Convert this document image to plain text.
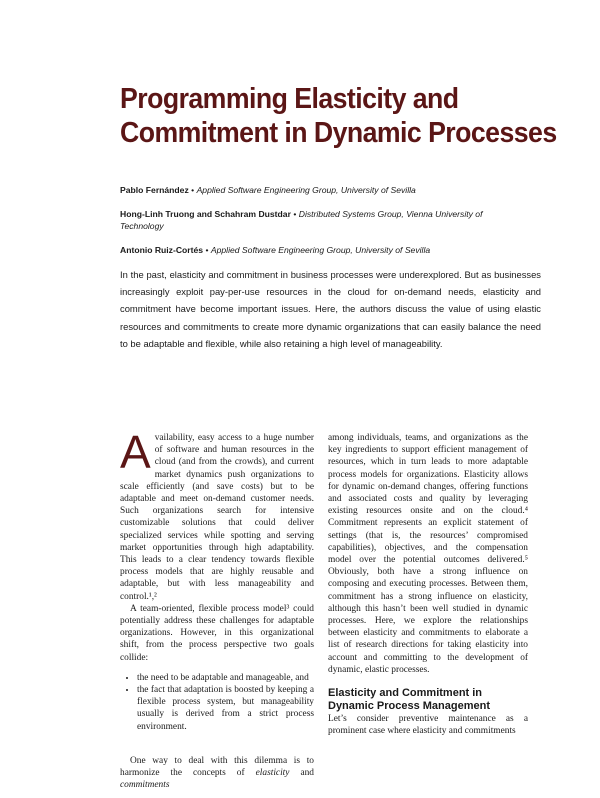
Programming Elasticity and
Commitment in Dynamic Processes
Pablo Fernández • Applied Software Engineering Group, University of Sevilla
Hong-Linh Truong and Schahram Dustdar • Distributed Systems Group, Vienna University of Technology
Antonio Ruiz-Cortés • Applied Software Engineering Group, University of Sevilla

In the past, elasticity and commitment in business processes were underexplored. But as businesses increasingly exploit pay-per-use resources in the cloud for on-demand needs, elasticity and commitment have become important issues. Here, the authors discuss the value of using elastic resources and commitments to create more dynamic organizations that can easily balance the need to be adaptable and flexible, while also retaining a high level of manageability.

Availability, easy access to a huge number of software and human resources in the cloud (and from the crowds), and current market dynamics push organizations to scale efficiently (and save costs) but to be adaptable and meet on-demand customer needs. Such organizations search for intensive customizable solutions that could deliver specialized services while spotting and serving market opportunities through high adaptability. This leads to a clear tendency towards flexible process models that are highly reusable and adaptable, but with less manageability and control.¹,²

A team-oriented, flexible process model³ could potentially address these challenges for adaptable organizations. However, in this organizational shift, from the process perspective two goals collide:

• the need to be adaptable and manageable, and
• the fact that adaptation is boosted by keeping a flexible process system, but manageability usually is derived from a strict process environment.

One way to deal with this dilemma is to harmonize the concepts of elasticity and commitments

among individuals, teams, and organizations as the key ingredients to support efficient management of resources, which in turn leads to more adaptable process models for organizations. Elasticity allows for dynamic on-demand changes, offering functions and associated costs and quality by leveraging existing resources onsite and on the cloud.⁴ Commitment represents an explicit statement of settings (that is, the resources’ compromised capabilities), objectives, and the compensation model over the potential outcomes delivered.⁵ Obviously, both have a strong influence on composing and executing processes. Between them, commitment has a strong influence on elasticity, although this hasn’t been well studied in dynamic processes. Here, we explore the relationships between elasticity and commitments to elaborate a list of research directions for taking elasticity into account and committing to the development of dynamic, elastic processes.

Elasticity and Commitment in
Dynamic Process Management

Let’s consider preventive maintenance as a prominent case where elasticity and commitments
